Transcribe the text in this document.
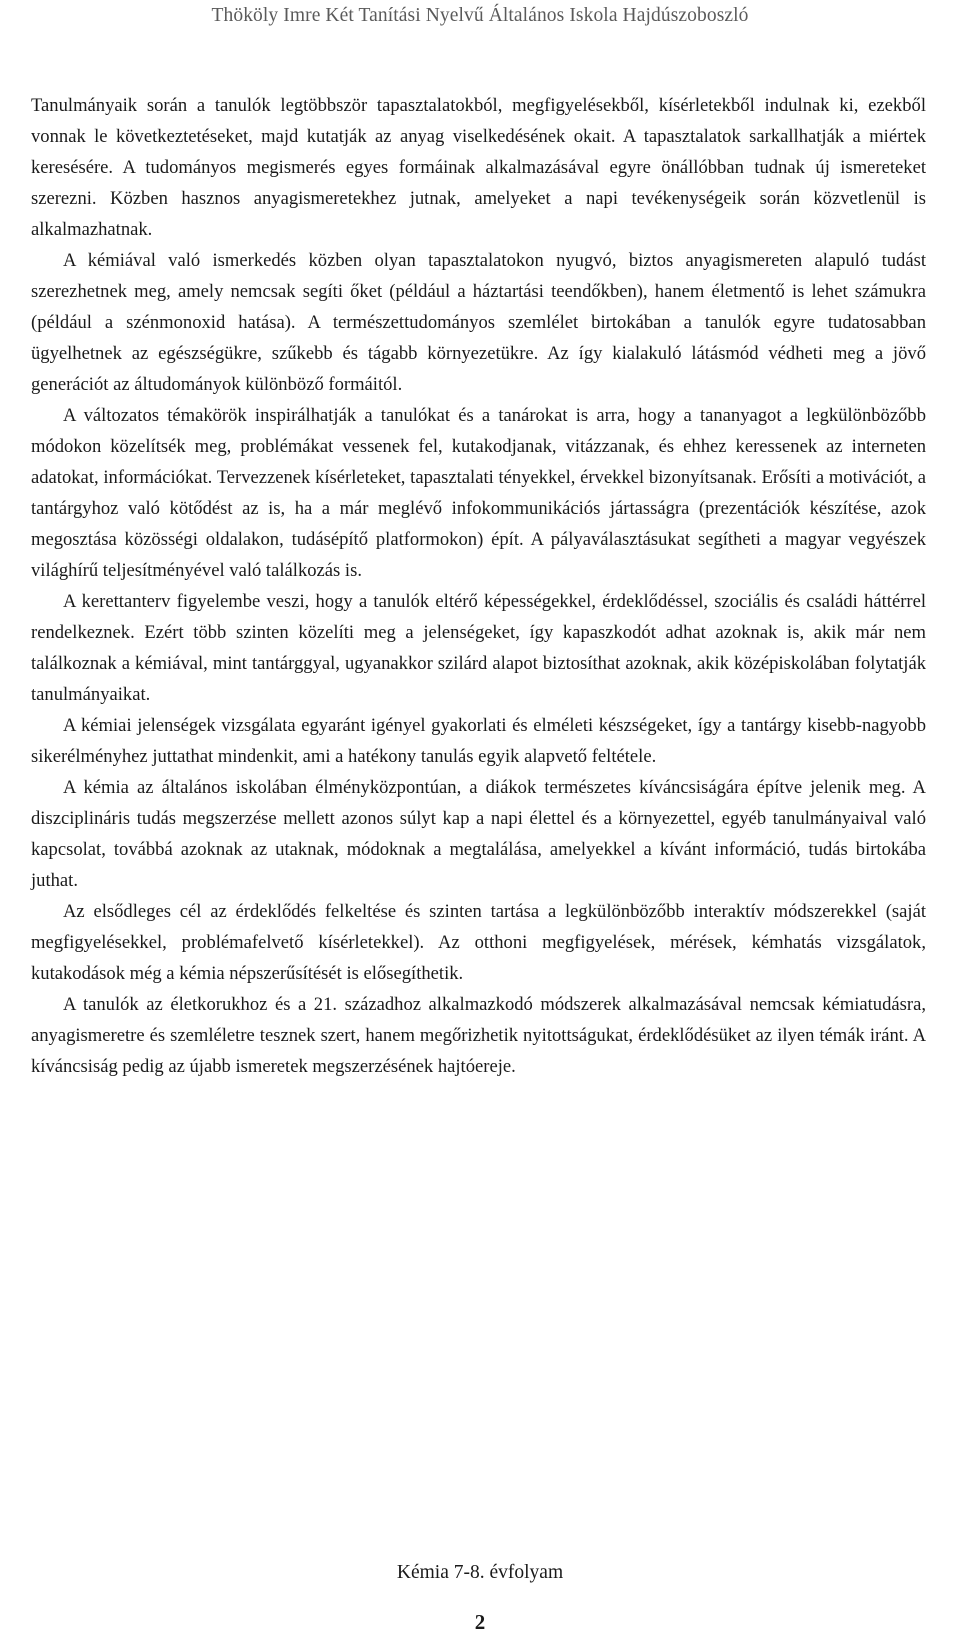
Thököly Imre Két Tanítási Nyelvű Általános Iskola Hajdúszoboszló

Tanulmányaik során a tanulók legtöbbször tapasztalatokból, megfigyelésekből, kísérletekből indulnak ki, ezekből vonnak le következtetéseket, majd kutatják az anyag viselkedésének okait. A tapasztalatok sarkallhatják a miértek keresésére. A tudományos megismerés egyes formáinak alkalmazásával egyre önállóbban tudnak új ismereteket szerezni. Közben hasznos anyagismeretekhez jutnak, amelyeket a napi tevékenységeik során közvetlenül is alkalmazhatnak.

A kémiával való ismerkedés közben olyan tapasztalatokon nyugvó, biztos anyagismereten alapuló tudást szerezhetnek meg, amely nemcsak segíti őket (például a háztartási teendőkben), hanem életmentő is lehet számukra (például a szénmonoxid hatása). A természettudományos szemlélet birtokában a tanulók egyre tudatosabban ügyelhetnek az egészségükre, szűkebb és tágabb környezetükre. Az így kialakuló látásmód védheti meg a jövő generációt az áltudományok különböző formáitól.

A változatos témakörök inspirálhatják a tanulókat és a tanárokat is arra, hogy a tananyagot a legkülönbözőbb módokon közelítsék meg, problémákat vessenek fel, kutakodjanak, vitázzanak, és ehhez keressenek az interneten adatokat, információkat. Tervezzenek kísérleteket, tapasztalati tényekkel, érvekkel bizonyítsanak. Erősíti a motivációt, a tantárgyhoz való kötődést az is, ha a már meglévő infokommunikációs jártasságra (prezentációk készítése, azok megosztása közösségi oldalakon, tudásépítő platformokon) épít. A pályaválasztásukat segítheti a magyar vegyészek világhírű teljesítményével való találkozás is.

A kerettanterv figyelembe veszi, hogy a tanulók eltérő képességekkel, érdeklődéssel, szociális és családi háttérrel rendelkeznek. Ezért több szinten közelíti meg a jelenségeket, így kapaszkodót adhat azoknak is, akik már nem találkoznak a kémiával, mint tantárggyal, ugyanakkor szilárd alapot biztosíthat azoknak, akik középiskolában folytatják tanulmányaikat.

A kémiai jelenségek vizsgálata egyaránt igényel gyakorlati és elméleti készségeket, így a tantárgy kisebb-nagyobb sikerélményhez juttathat mindenkit, ami a hatékony tanulás egyik alapvető feltétele.

A kémia az általános iskolában élményközpontúan, a diákok természetes kíváncsiságára építve jelenik meg. A diszciplináris tudás megszerzése mellett azonos súlyt kap a napi élettel és a környezettel, egyéb tanulmányaival való kapcsolat, továbbá azoknak az utaknak, módoknak a megtalálása, amelyekkel a kívánt információ, tudás birtokába juthat.

Az elsődleges cél az érdeklődés felkeltése és szinten tartása a legkülönbözőbb interaktív módszerekkel (saját megfigyelésekkel, problémafelvető kísérletekkel). Az otthoni megfigyelések, mérések, kémhatás vizsgálatok, kutakodások még a kémia népszerűsítését is elősegíthetik.

A tanulók az életkorukhoz és a 21. századhoz alkalmazkodó módszerek alkalmazásával nemcsak kémiatudásra, anyagismeretre és szemléletre tesznek szert, hanem megőrizhetik nyitottságukat, érdeklődésüket az ilyen témák iránt. A kíváncsiság pedig az újabb ismeretek megszerzésének hajtóereje.

Kémia 7-8. évfolyam
2
